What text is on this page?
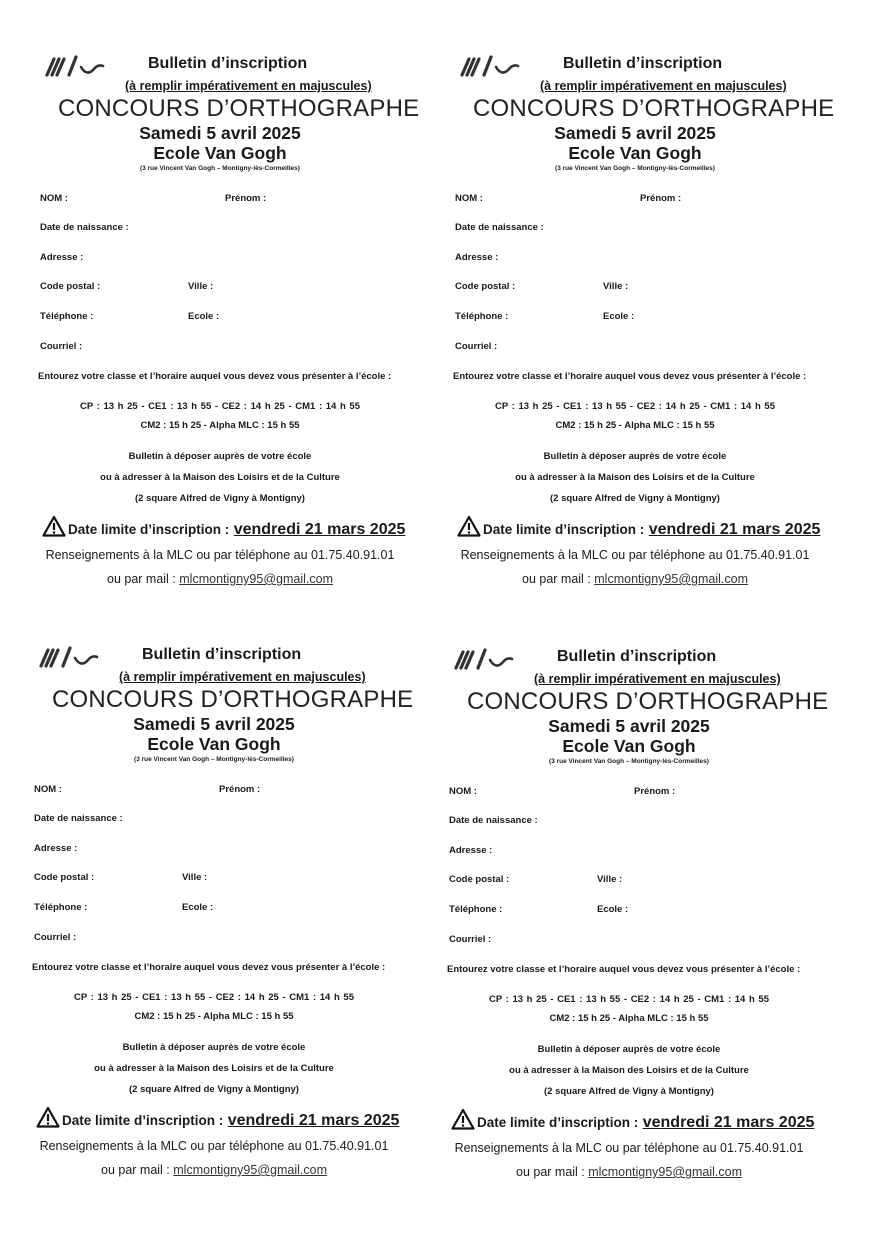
Bulletin d’inscription
(à remplir impérativement en majuscules)
CONCOURS D’ORTHOGRAPHE
Samedi 5 avril 2025
Ecole Van Gogh
(3 rue Vincent Van Gogh – Montigny-lès-Cormeilles)
NOM :	Prénom :
Date de naissance :
Adresse :
Code postal :	Ville :
Téléphone :	Ecole :
Courriel :
Entourez votre classe et l’horaire auquel vous devez vous présenter à l’école :
CP : 13 h 25 - CE1 : 13 h 55 - CE2 : 14 h 25 - CM1 : 14 h 55
CM2 : 15 h 25 - Alpha MLC : 15 h 55
Bulletin à déposer auprès de votre école
ou à adresser à la Maison des Loisirs et de la Culture
(2 square Alfred de Vigny à Montigny)
Date limite d’inscription : vendredi 21 mars 2025
Renseignements à la MLC ou par téléphone au 01.75.40.91.01
ou par mail : mlcmontigny95@gmail.com
Bulletin d’inscription
(à remplir impérativement en majuscules)
CONCOURS D’ORTHOGRAPHE
Samedi 5 avril 2025
Ecole Van Gogh
(3 rue Vincent Van Gogh – Montigny-lès-Cormeilles)
NOM :	Prénom :
Date de naissance :
Adresse :
Code postal :	Ville :
Téléphone :	Ecole :
Courriel :
Entourez votre classe et l’horaire auquel vous devez vous présenter à l’école :
CP : 13 h 25 - CE1 : 13 h 55 - CE2 : 14 h 25 - CM1 : 14 h 55
CM2 : 15 h 25 - Alpha MLC : 15 h 55
Bulletin à déposer auprès de votre école
ou à adresser à la Maison des Loisirs et de la Culture
(2 square Alfred de Vigny à Montigny)
Date limite d’inscription : vendredi 21 mars 2025
Renseignements à la MLC ou par téléphone au 01.75.40.91.01
ou par mail : mlcmontigny95@gmail.com
Bulletin d’inscription
(à remplir impérativement en majuscules)
CONCOURS D’ORTHOGRAPHE
Samedi 5 avril 2025
Ecole Van Gogh
(3 rue Vincent Van Gogh – Montigny-lès-Cormeilles)
NOM :	Prénom :
Date de naissance :
Adresse :
Code postal :	Ville :
Téléphone :	Ecole :
Courriel :
Entourez votre classe et l’horaire auquel vous devez vous présenter à l’école :
CP : 13 h 25 - CE1 : 13 h 55 - CE2 : 14 h 25 - CM1 : 14 h 55
CM2 : 15 h 25 - Alpha MLC : 15 h 55
Bulletin à déposer auprès de votre école
ou à adresser à la Maison des Loisirs et de la Culture
(2 square Alfred de Vigny à Montigny)
Date limite d’inscription : vendredi 21 mars 2025
Renseignements à la MLC ou par téléphone au 01.75.40.91.01
ou par mail : mlcmontigny95@gmail.com
Bulletin d’inscription
(à remplir impérativement en majuscules)
CONCOURS D’ORTHOGRAPHE
Samedi 5 avril 2025
Ecole Van Gogh
(3 rue Vincent Van Gogh – Montigny-lès-Cormeilles)
NOM :	Prénom :
Date de naissance :
Adresse :
Code postal :	Ville :
Téléphone :	Ecole :
Courriel :
Entourez votre classe et l’horaire auquel vous devez vous présenter à l’école :
CP : 13 h 25 - CE1 : 13 h 55 - CE2 : 14 h 25 - CM1 : 14 h 55
CM2 : 15 h 25 - Alpha MLC : 15 h 55
Bulletin à déposer auprès de votre école
ou à adresser à la Maison des Loisirs et de la Culture
(2 square Alfred de Vigny à Montigny)
Date limite d’inscription : vendredi 21 mars 2025
Renseignements à la MLC ou par téléphone au 01.75.40.91.01
ou par mail : mlcmontigny95@gmail.com
